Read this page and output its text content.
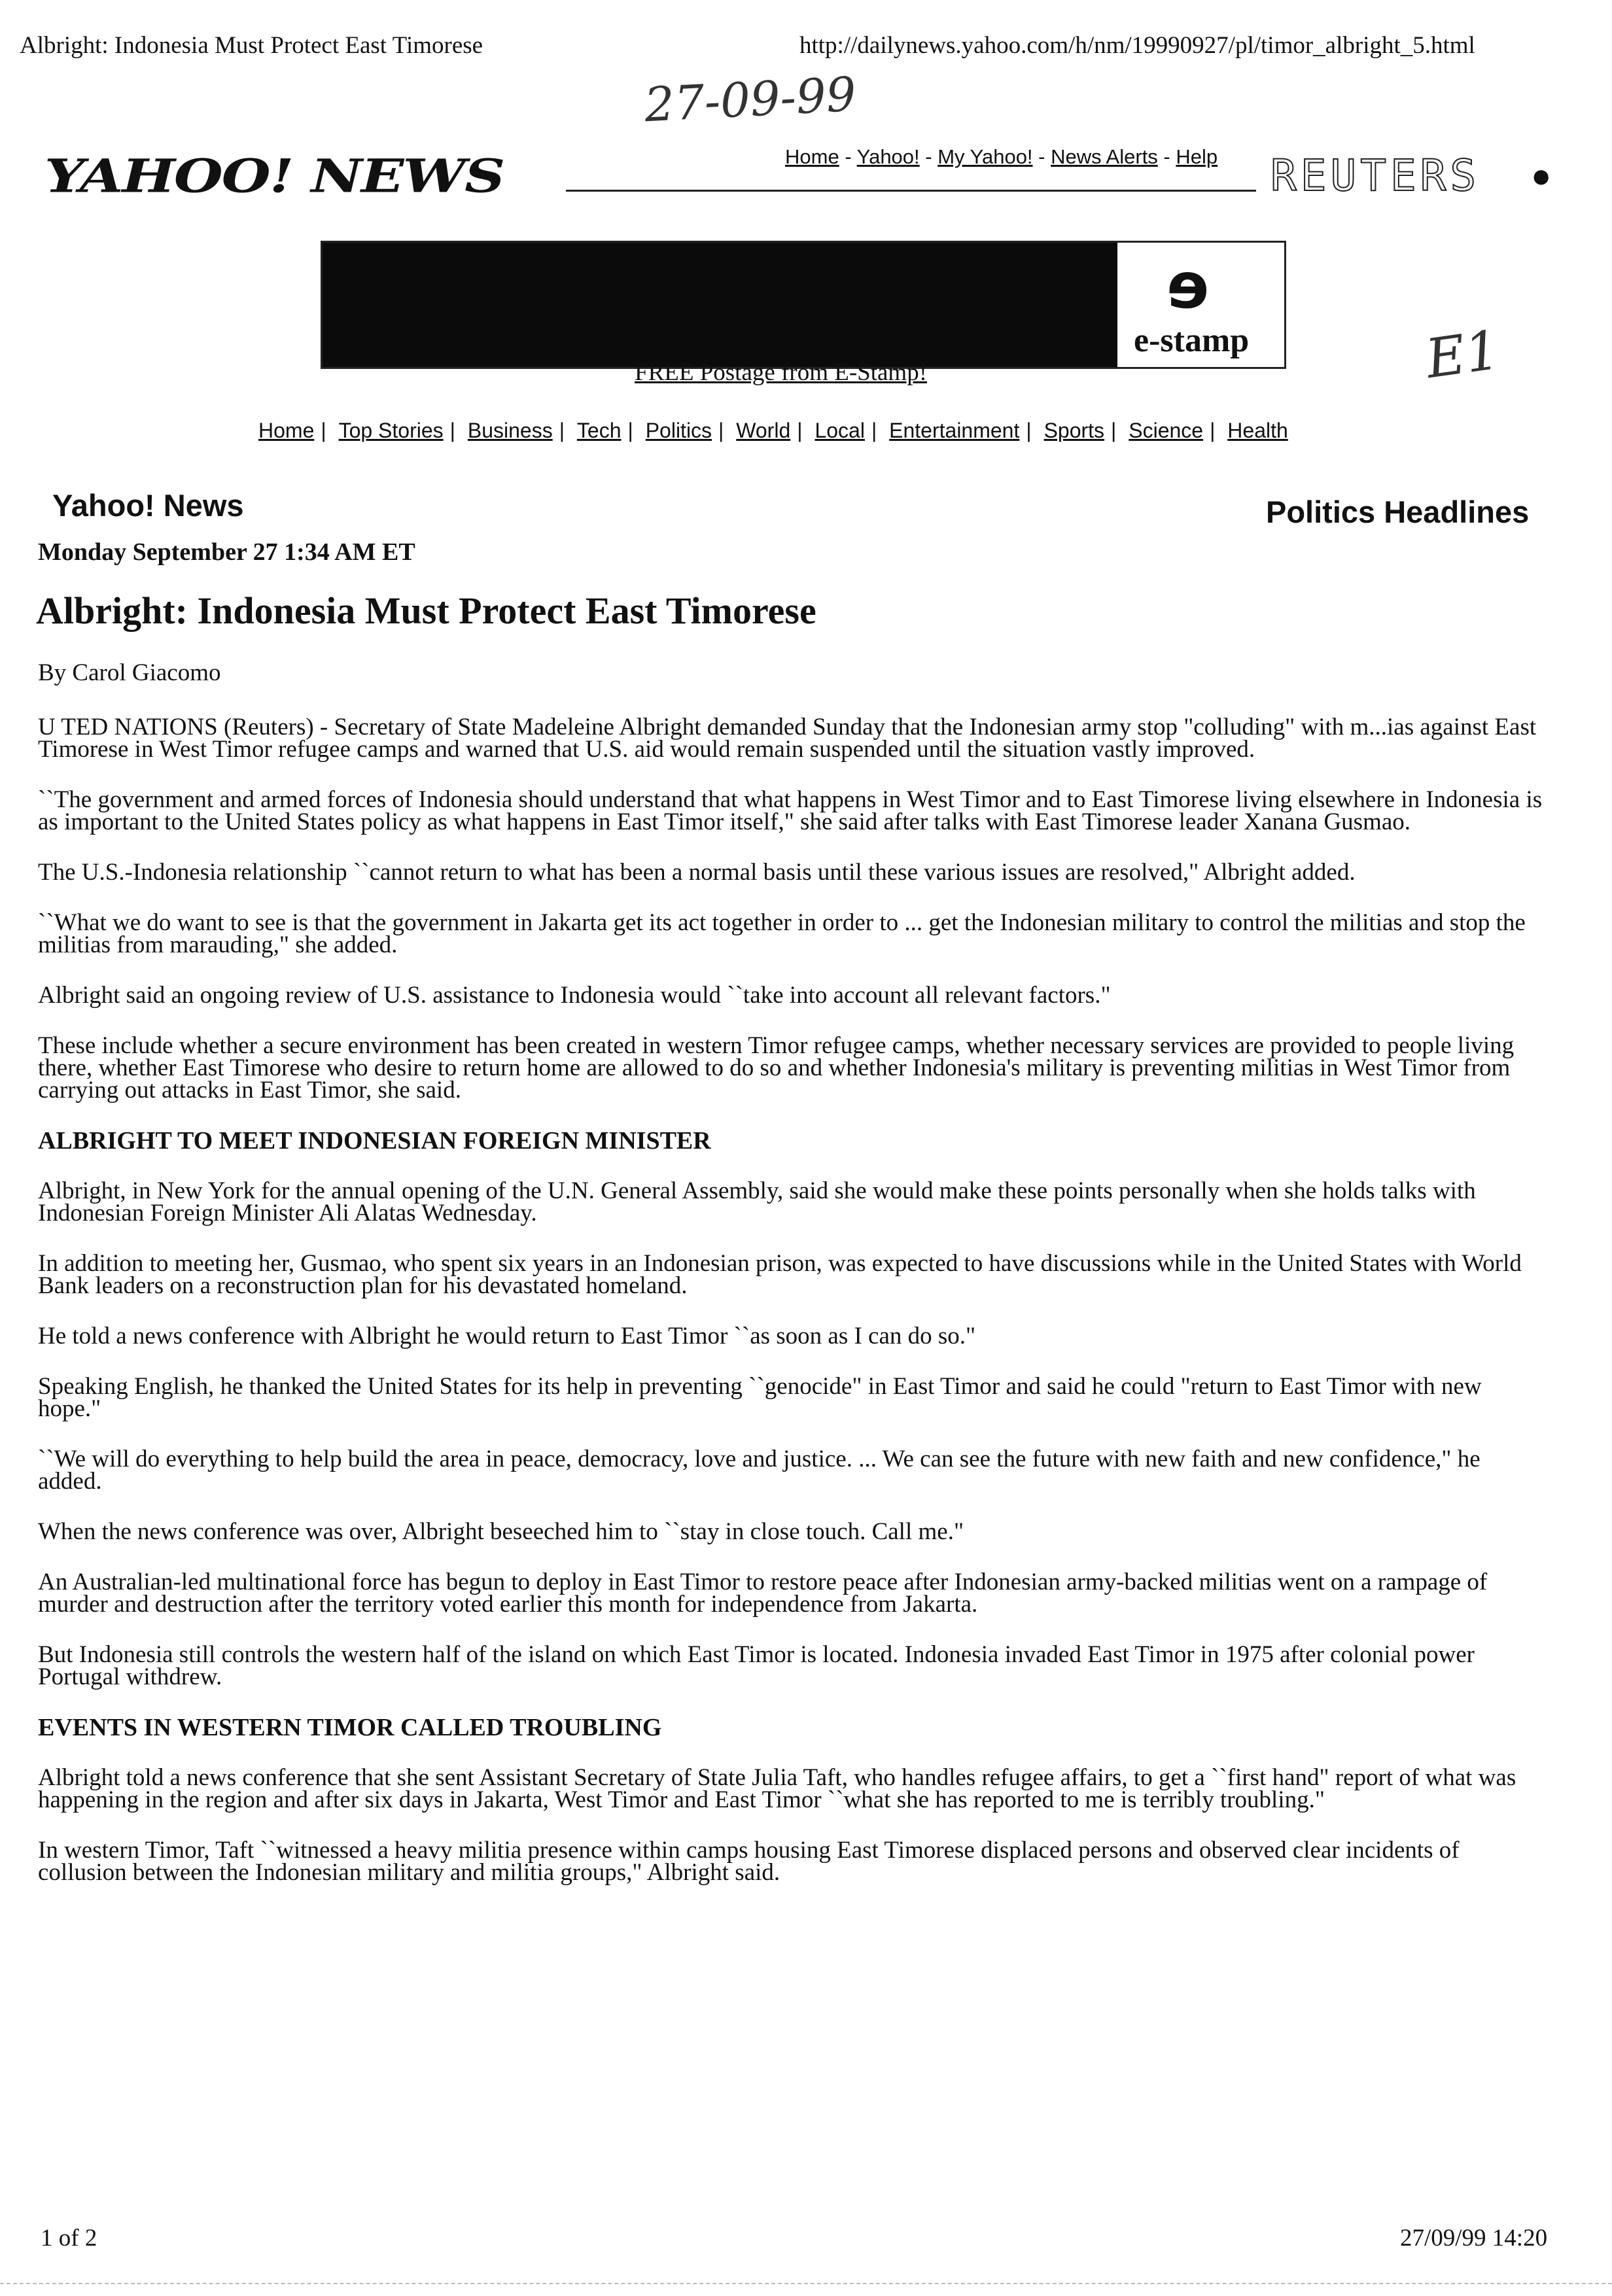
Albright: Indonesia Must Protect East Timorese	http://dailynews.yahoo.com/h/nm/19990927/pl/timor_albright_5.html
27-09-99
YAHOO! NEWS	Home - Yahoo! - My Yahoo! - News Alerts - Help REUTERS ●
e
e-stamp
FREE Postage from E-Stamp!	E1
Home | Top Stories | Business | Tech | Politics | World | Local | Entertainment | Sports | Science | Health
Yahoo! News	Politics Headlines
Monday September 27 1:34 AM ET
Albright: Indonesia Must Protect East Timorese
By Carol Giacomo

U TED NATIONS (Reuters) - Secretary of State Madeleine Albright demanded Sunday that the Indonesian army stop "colluding" with m...ias against East Timorese in West Timor refugee camps and warned that U.S. aid would remain suspended until the situation vastly improved.

``The government and armed forces of Indonesia should understand that what happens in West Timor and to East Timorese living elsewhere in Indonesia is as important to the United States policy as what happens in East Timor itself," she said after talks with East Timorese leader Xanana Gusmao.

The U.S.-Indonesia relationship ``cannot return to what has been a normal basis until these various issues are resolved," Albright added.

``What we do want to see is that the government in Jakarta get its act together in order to ... get the Indonesian military to control the militias and stop the militias from marauding," she added.

Albright said an ongoing review of U.S. assistance to Indonesia would ``take into account all relevant factors."

These include whether a secure environment has been created in western Timor refugee camps, whether necessary services are provided to people living there, whether East Timorese who desire to return home are allowed to do so and whether Indonesia's military is preventing militias in West Timor from carrying out attacks in East Timor, she said.

ALBRIGHT TO MEET INDONESIAN FOREIGN MINISTER

Albright, in New York for the annual opening of the U.N. General Assembly, said she would make these points personally when she holds talks with Indonesian Foreign Minister Ali Alatas Wednesday.

In addition to meeting her, Gusmao, who spent six years in an Indonesian prison, was expected to have discussions while in the United States with World Bank leaders on a reconstruction plan for his devastated homeland.

He told a news conference with Albright he would return to East Timor ``as soon as I can do so."

Speaking English, he thanked the United States for its help in preventing ``genocide" in East Timor and said he could "return to East Timor with new hope."

``We will do everything to help build the area in peace, democracy, love and justice. ... We can see the future with new faith and new confidence," he added.

When the news conference was over, Albright beseeched him to ``stay in close touch. Call me."

An Australian-led multinational force has begun to deploy in East Timor to restore peace after Indonesian army-backed militias went on a rampage of murder and destruction after the territory voted earlier this month for independence from Jakarta.

But Indonesia still controls the western half of the island on which East Timor is located. Indonesia invaded East Timor in 1975 after colonial power Portugal withdrew.

EVENTS IN WESTERN TIMOR CALLED TROUBLING

Albright told a news conference that she sent Assistant Secretary of State Julia Taft, who handles refugee affairs, to get a ``first hand" report of what was happening in the region and after six days in Jakarta, West Timor and East Timor ``what she has reported to me is terribly troubling."

In western Timor, Taft ``witnessed a heavy militia presence within camps housing East Timorese displaced persons and observed clear incidents of collusion between the Indonesian military and militia groups," Albright said.

1 of 2	27/09/99 14:20
